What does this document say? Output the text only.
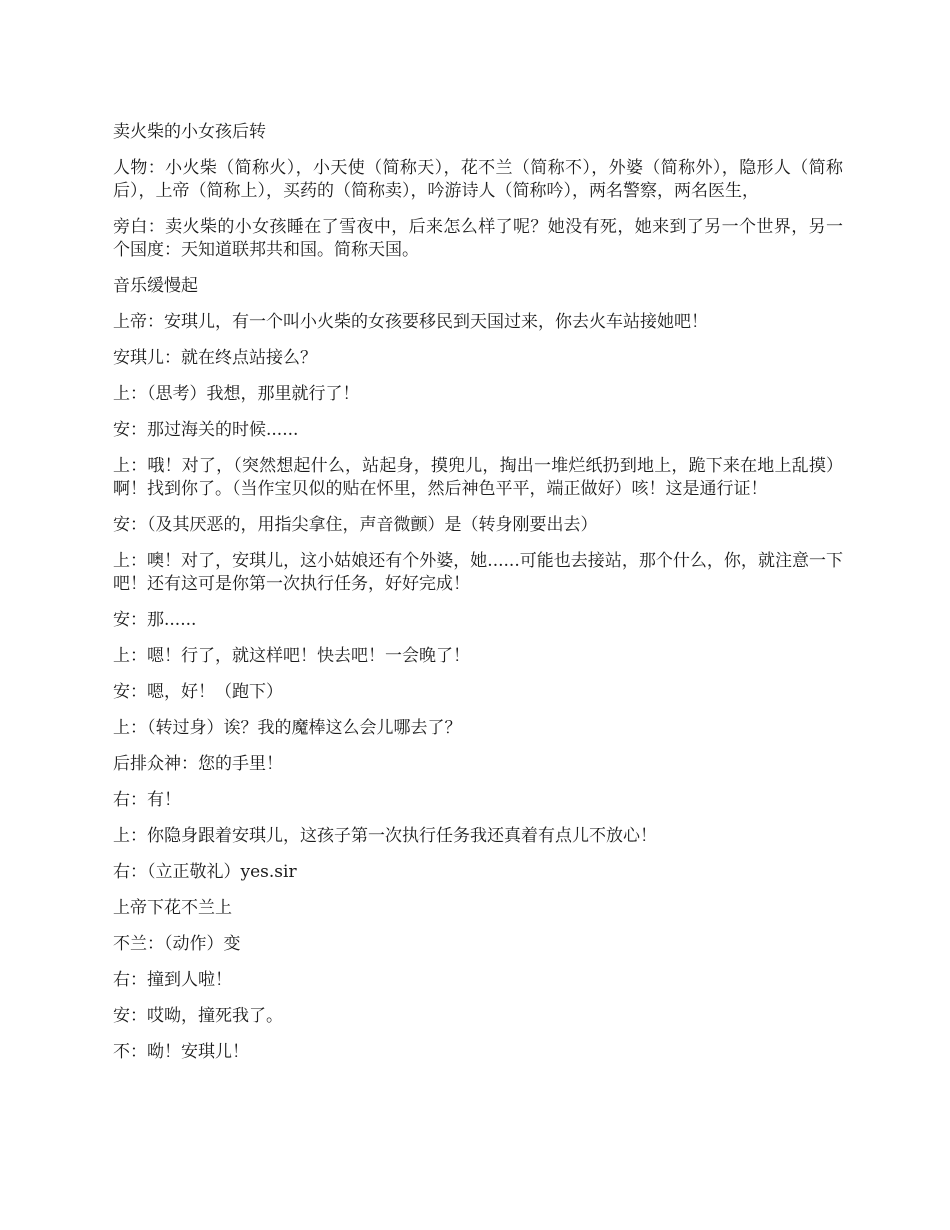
卖火柴的小女孩后转

人物：小火柴（简称火），小天使（简称天），花不兰（简称不），外婆（简称外），隐形人（简称后），上帝（简称上），买药的（简称卖），吟游诗人（简称吟），两名警察，两名医生，

旁白：卖火柴的小女孩睡在了雪夜中，后来怎么样了呢？她没有死，她来到了另一个世界，另一个国度：天知道联邦共和国。简称天国。

音乐缓慢起

上帝：安琪儿，有一个叫小火柴的女孩要移民到天国过来，你去火车站接她吧！

安琪儿：就在终点站接么？

上：（思考）我想，那里就行了！

安：那过海关的时候......

上：哦！对了，（突然想起什么，站起身，摸兜儿，掏出一堆烂纸扔到地上，跪下来在地上乱摸）啊！找到你了。（当作宝贝似的贴在怀里，然后神色平平，端正做好）咳！这是通行证！

安：（及其厌恶的，用指尖拿住，声音微颤）是（转身刚要出去）

上：噢！对了，安琪儿，这小姑娘还有个外婆，她......可能也去接站，那个什么，你，就注意一下吧！还有这可是你第一次执行任务，好好完成！

安：那......

上：嗯！行了，就这样吧！快去吧！一会晚了！

安：嗯，好！（跑下）

上：（转过身）诶？我的魔棒这么会儿哪去了？

后排众神：您的手里！

右：有！

上：你隐身跟着安琪儿，这孩子第一次执行任务我还真着有点儿不放心！

右：（立正敬礼）yes.sir

上帝下花不兰上

不兰：（动作）变

右：撞到人啦！

安：哎呦，撞死我了。

不：呦！安琪儿！
